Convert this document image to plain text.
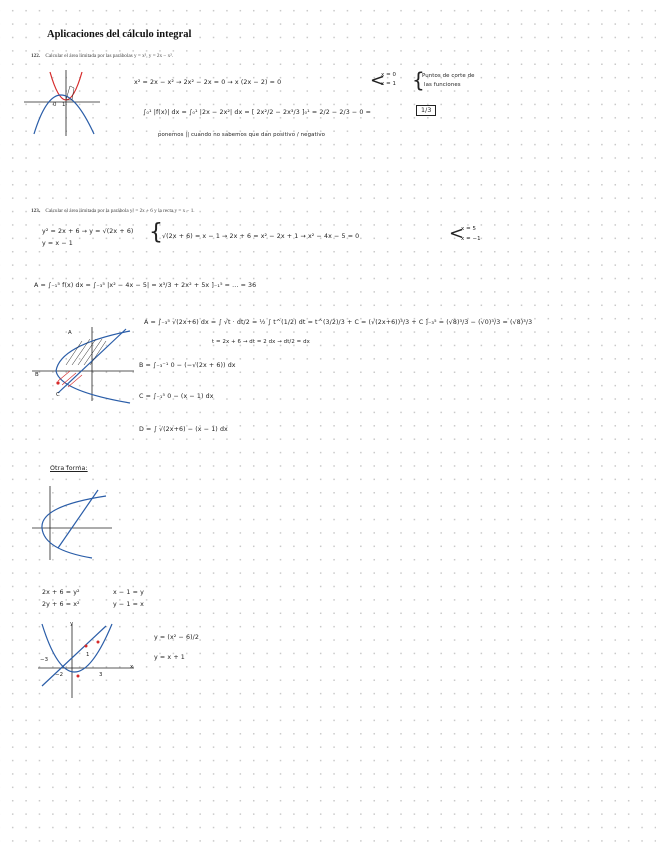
Aplicaciones del cálculo integral
122. Calcular el área limitada por las parábolas y = x², y = 2x − x².
1
0
x² = 2x − x² → 2x² − 2x = 0 → x (2x − 2) = 0	<
x = 0
x = 1 {
Puntos de corte de
las funciones
∫₀¹ |f(x)| dx = ∫₀¹ |2x − 2x²| dx = [ 2x²/2 − 2x³/3 ]₀¹ = 2/2 − 2/3 − 0 =	1/3
ponemos || cuando no sabemos que dan positivo / negativo
123. Calcular el área limitada por la parábola y² = 2x + 6 y la recta y = x − 1.
y² = 2x + 6 → y = √(2x + 6)
y = x − 1	{ √(2x + 6) = x − 1 → 2x + 6 = x² − 2x + 1 → x² − 4x − 5 = 0	<
x = 5
x = −1
A = ∫₋₁⁵ f(x) dx = ∫₋₃⁵ |x² − 4x − 5| = x³/3 + 2x² + 5x ]₋₁⁵ = ... = 36
A = ∫₋₃⁵ √(2x+6) dx = ∫ √t · dt/2 = ½ ∫ t^(1/2) dt = t^(3/2)/3 + C = (√(2x+6))³/3 + C ]₋₃⁵ = (√8)³/3 − (√0)³/3 = (√8)³/3
t = 2x + 6 → dt = 2 dx → dt/2 = dx
A
B
C
B = ∫₋₃⁻¹ 0 − (−√(2x + 6)) dx
C = ∫₋₁⁵ 0 − (x − 1) dx
D = ∫ √(2x+6) − (x − 1) dx
Otra forma:
2x + 6 = y²
2y + 6 = x²
x − 1 = y
y − 1 = x
y
x
−3
−2	3
1
y = (x² − 6)/2
y = x + 1
